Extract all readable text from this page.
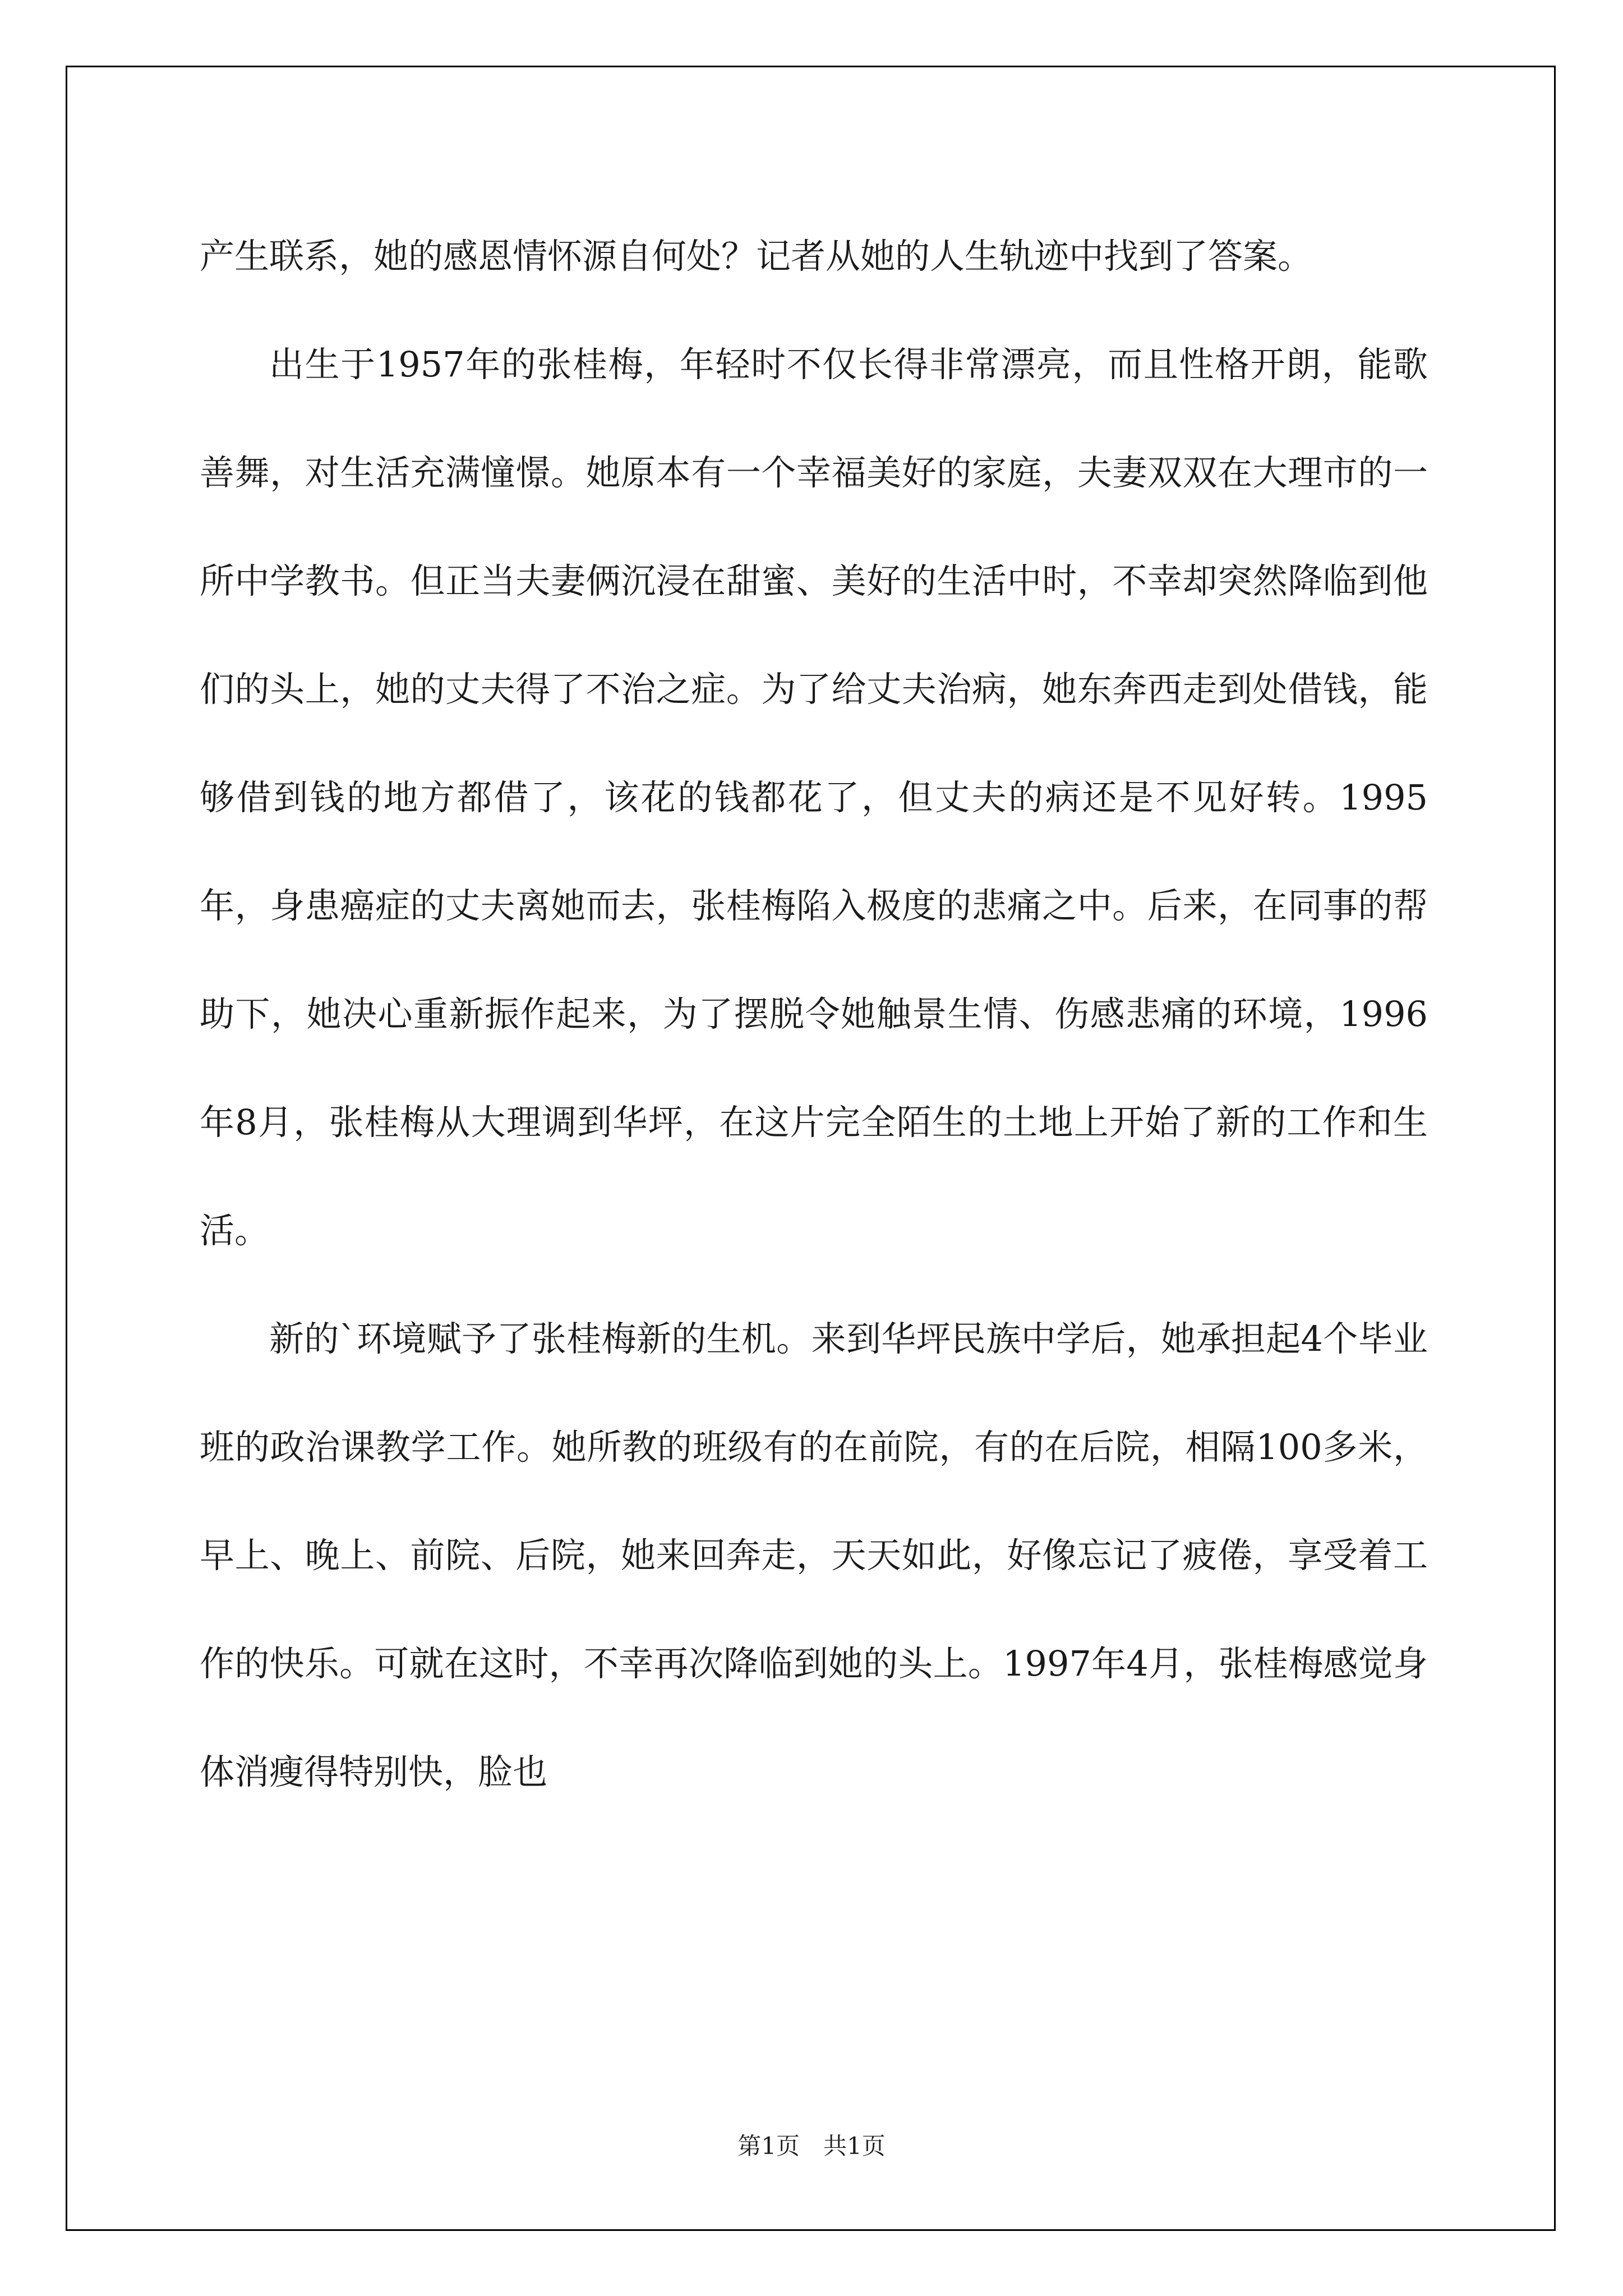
产生联系，她的感恩情怀源自何处？记者从她的人生轨迹中找到了答案。

出生于1957年的张桂梅，年轻时不仅长得非常漂亮，而且性格开朗，能歌善舞，对生活充满憧憬。她原本有一个幸福美好的家庭，夫妻双双在大理市的一所中学教书。但正当夫妻俩沉浸在甜蜜、美好的生活中时，不幸却突然降临到他们的头上，她的丈夫得了不治之症。为了给丈夫治病，她东奔西走到处借钱，能够借到钱的地方都借了，该花的钱都花了，但丈夫的病还是不见好转。1995年，身患癌症的丈夫离她而去，张桂梅陷入极度的悲痛之中。后来，在同事的帮助下，她决心重新振作起来，为了摆脱令她触景生情、伤感悲痛的环境，1996年8月，张桂梅从大理调到华坪，在这片完全陌生的土地上开始了新的工作和生活。

新的`环境赋予了张桂梅新的生机。来到华坪民族中学后，她承担起4个毕业班的政治课教学工作。她所教的班级有的在前院，有的在后院，相隔100多米，早上、晚上、前院、后院，她来回奔走，天天如此，好像忘记了疲倦，享受着工作的快乐。可就在这时，不幸再次降临到她的头上。1997年4月，张桂梅感觉身体消瘦得特别快，脸也

第1页　共1页
